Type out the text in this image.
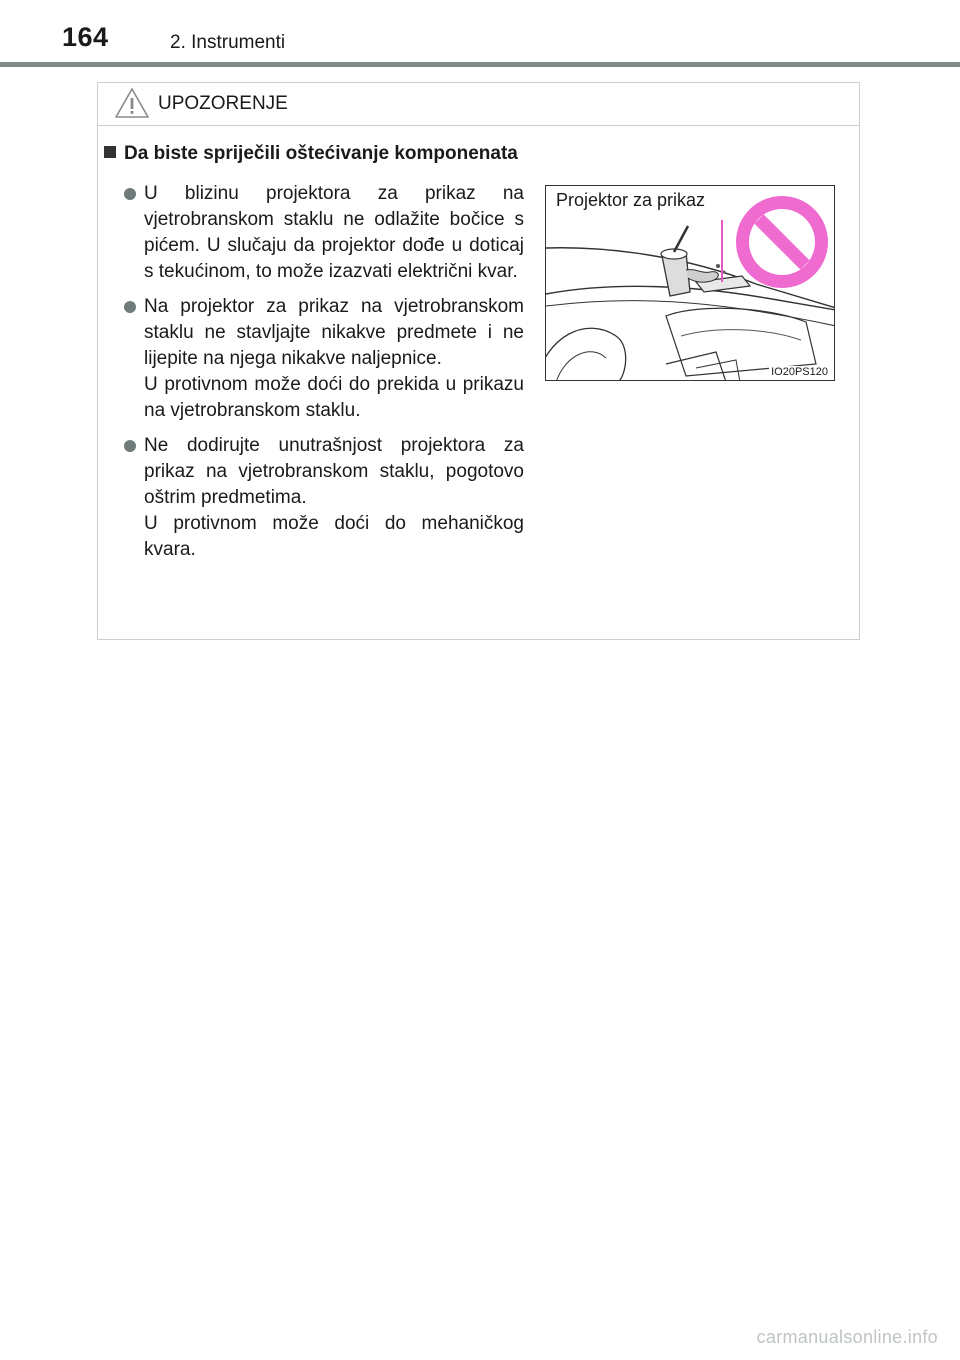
164	2. Instrumenti
UPOZORENJE
Da biste spriječili oštećivanje komponenata
U blizinu projektora za prikaz na vjetrobranskom staklu ne odlažite bočice s pićem. U slučaju da projektor dođe u doticaj s tekućinom, to može izazvati električni kvar.
Na projektor za prikaz na vjetrobranskom staklu ne stavljajte nikakve predmete i ne lijepite na njega nikakve naljepnice.
U protivnom može doći do prekida u prikazu na vjetrobranskom staklu.
Ne dodirujte unutrašnjost projektora za prikaz na vjetrobranskom staklu, pogotovo oštrim predmetima.
U protivnom može doći do mehaničkog kvara.
Projektor za prikaz
IO20PS120
carmanualsonline.info
